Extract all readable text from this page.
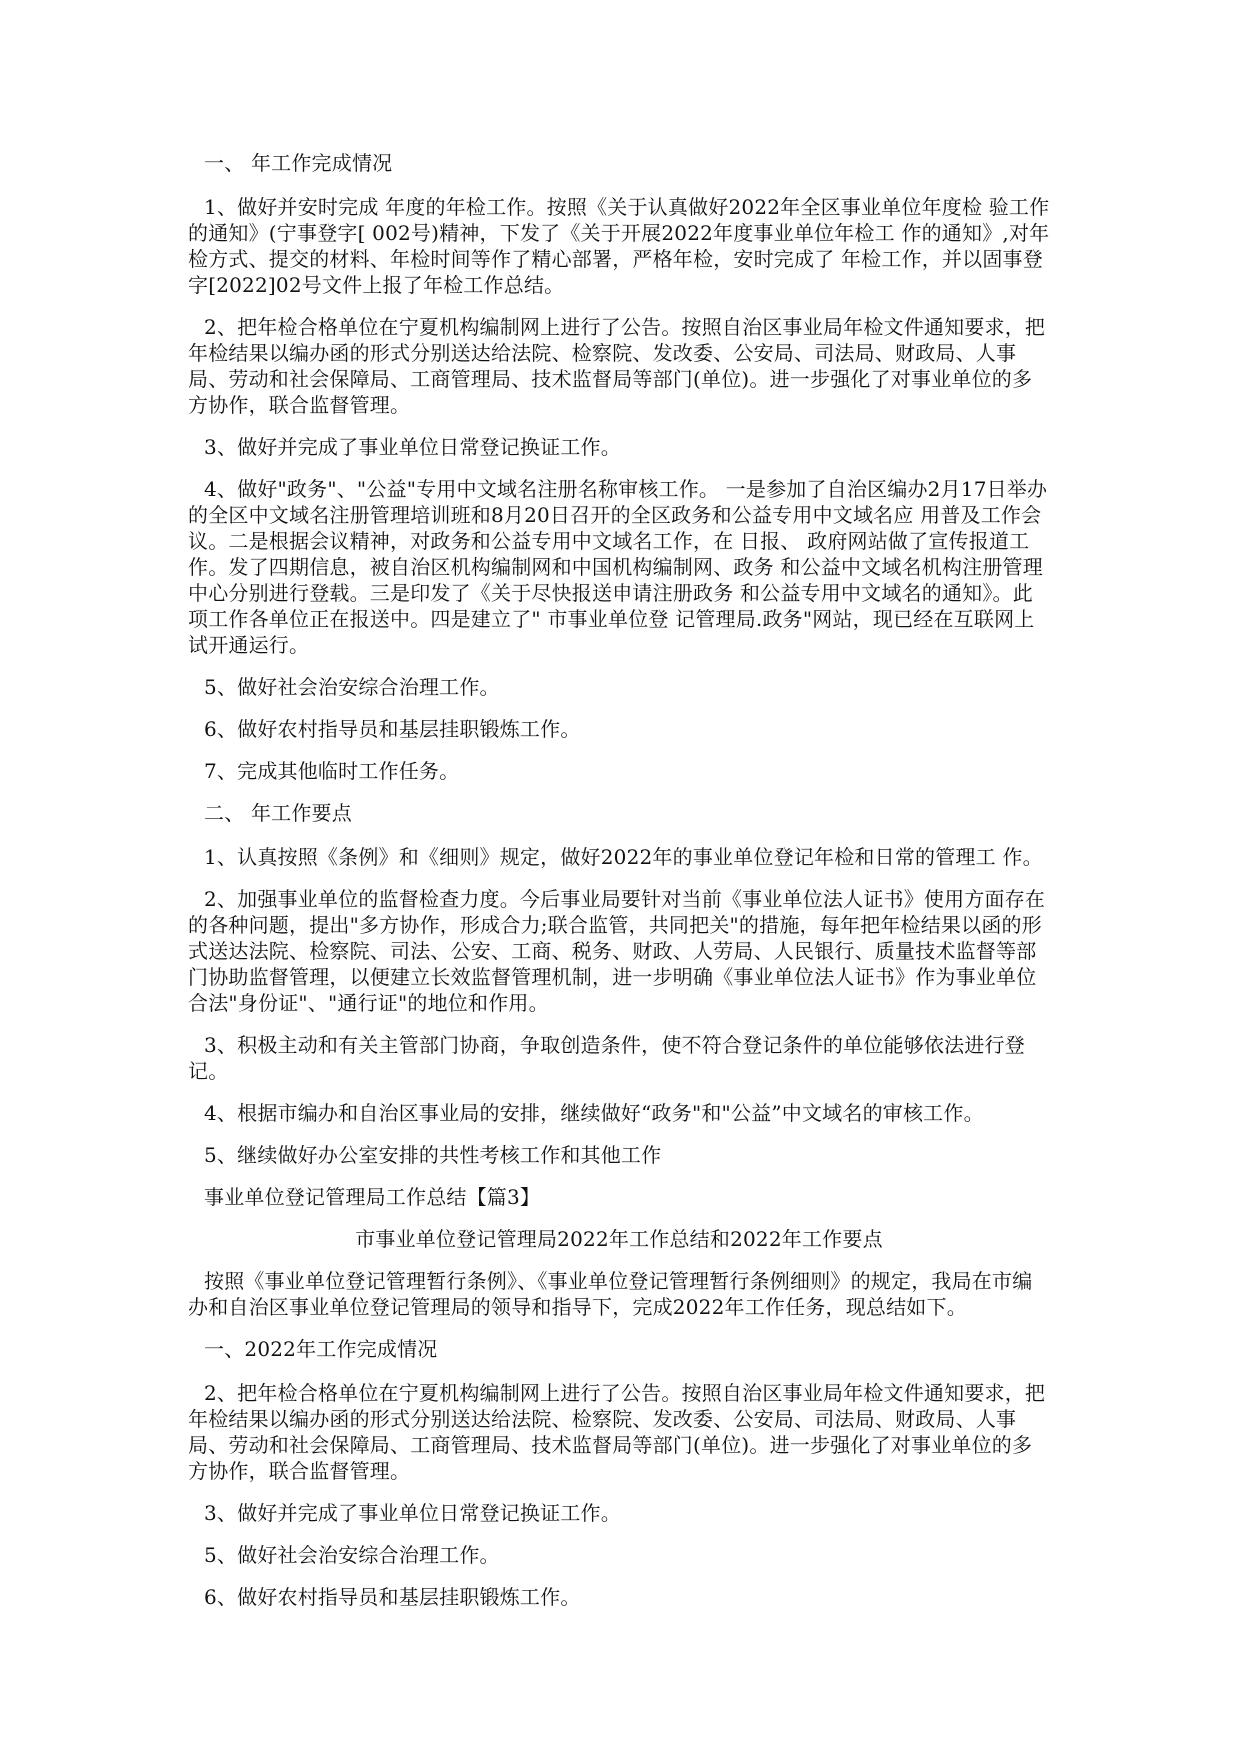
一、 年工作完成情况

1、做好并安时完成 年度的年检工作。按照《关于认真做好2022年全区事业单位年度检 验工作的通知》(宁事登字[ 002号)精神，下发了《关于开展2022年度事业单位年检工 作的通知》,对年检方式、提交的材料、年检时间等作了精心部署，严格年检，安时完成了 年检工作，并以固事登字[2022]02号文件上报了年检工作总结。

2、把年检合格单位在宁夏机构编制网上进行了公告。按照自治区事业局年检文件通知要求，把年检结果以编办函的形式分别送达给法院、检察院、发改委、公安局、司法局、财政局、人事局、劳动和社会保障局、工商管理局、技术监督局等部门(单位)。进一步强化了对事业单位的多方协作，联合监督管理。

3、做好并完成了事业单位日常登记换证工作。

4、做好"政务"、"公益"专用中文域名注册名称审核工作。 一是参加了自治区编办2月17日举办的全区中文域名注册管理培训班和8月20日召开的全区政务和公益专用中文域名应 用普及工作会议。二是根据会议精神，对政务和公益专用中文域名工作，在 日报、 政府网站做了宣传报道工作。发了四期信息，被自治区机构编制网和中国机构编制网、政务 和公益中文域名机构注册管理中心分别进行登载。三是印发了《关于尽快报送申请注册政务 和公益专用中文域名的通知》。此项工作各单位正在报送中。四是建立了" 市事业单位登 记管理局.政务"网站，现已经在互联网上试开通运行。

5、做好社会治安综合治理工作。

6、做好农村指导员和基层挂职锻炼工作。

7、完成其他临时工作任务。

二、 年工作要点

1、认真按照《条例》和《细则》规定，做好2022年的事业单位登记年检和日常的管理工 作。

2、加强事业单位的监督检查力度。今后事业局要针对当前《事业单位法人证书》使用方面存在的各种问题，提出"多方协作，形成合力;联合监管，共同把关"的措施，每年把年检结果以函的形式送达法院、检察院、司法、公安、工商、税务、财政、人劳局、人民银行、质量技术监督等部门协助监督管理，以便建立长效监督管理机制，进一步明确《事业单位法人证书》作为事业单位合法"身份证"、"通行证"的地位和作用。

3、积极主动和有关主管部门协商，争取创造条件，使不符合登记条件的单位能够依法进行登记。

4、根据市编办和自治区事业局的安排，继续做好“政务"和"公益”中文域名的审核工作。

5、继续做好办公室安排的共性考核工作和其他工作

事业单位登记管理局工作总结【篇3】

市事业单位登记管理局2022年工作总结和2022年工作要点

按照《事业单位登记管理暂行条例》、《事业单位登记管理暂行条例细则》的规定，我局在市编办和自治区事业单位登记管理局的领导和指导下，完成2022年工作任务，现总结如下。

一、2022年工作完成情况

2、把年检合格单位在宁夏机构编制网上进行了公告。按照自治区事业局年检文件通知要求，把年检结果以编办函的形式分别送达给法院、检察院、发改委、公安局、司法局、财政局、人事局、劳动和社会保障局、工商管理局、技术监督局等部门(单位)。进一步强化了对事业单位的多方协作，联合监督管理。

3、做好并完成了事业单位日常登记换证工作。

5、做好社会治安综合治理工作。

6、做好农村指导员和基层挂职锻炼工作。
